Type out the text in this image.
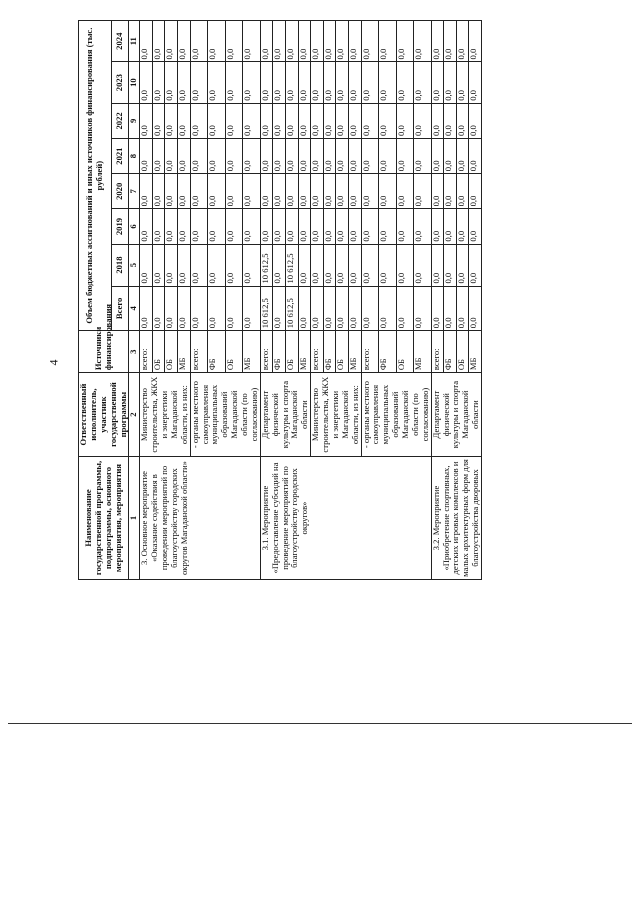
4
Наименование государственной программы, подпрограммы, основного мероприятия, мероприятия	Ответственный исполнитель, участник государственной программы	Источники финансирования	Объем бюджетных ассигнований и иных источников финансирования (тыс. рублей)							
			Всего	2018	2019	2020	2021	2022	2023	2024
1	2	3	4	5	6	7	8	9	10	11
3. Основное мероприятие «Оказание содействия в проведении мероприятий по благоустройству городских округов Магаданской области»	Министерство строительства, ЖКХ и энергетики Магаданской области, из них:	всего:	0,0	0,0	0,0	0,0	0,0	0,0	0,0	0,0
		ОБ	0,0	0,0	0,0	0,0	0,0	0,0	0,0	0,0
		ОБ	0,0	0,0	0,0	0,0	0,0	0,0	0,0	0,0
		МБ	0,0	0,0	0,0	0,0	0,0	0,0	0,0	0,0
	- органы местного самоуправления муниципальных образований Магаданской области (по согласованию)	всего:	0,0	0,0	0,0	0,0	0,0	0,0	0,0	0,0
		ФБ	0,0	0,0	0,0	0,0	0,0	0,0	0,0	0,0
		ОБ	0,0	0,0	0,0	0,0	0,0	0,0	0,0	0,0
		МБ	0,0	0,0	0,0	0,0	0,0	0,0	0,0	0,0
3.1. Мероприятие «Предоставление субсидий на проведение мероприятий по благоустройству городских округов»	Департамент физической культуры и спорта Магаданской области	всего:	10 612,5	10 612,5	0,0	0,0	0,0	0,0	0,0	0,0
		ФБ	0,0	0,0	0,0	0,0	0,0	0,0	0,0	0,0
		ОБ	10 612,5	10 612,5	0,0	0,0	0,0	0,0	0,0	0,0
		МБ	0,0	0,0	0,0	0,0	0,0	0,0	0,0	0,0
	Министерство строительства, ЖКХ и энергетики Магаданской области, из них:	всего:	0,0	0,0	0,0	0,0	0,0	0,0	0,0	0,0
		ФБ	0,0	0,0	0,0	0,0	0,0	0,0	0,0	0,0
		ОБ	0,0	0,0	0,0	0,0	0,0	0,0	0,0	0,0
		МБ	0,0	0,0	0,0	0,0	0,0	0,0	0,0	0,0
	- органы местного самоуправления муниципальных образований Магаданской области (по согласованию)	всего:	0,0	0,0	0,0	0,0	0,0	0,0	0,0	0,0
		ФБ	0,0	0,0	0,0	0,0	0,0	0,0	0,0	0,0
		ОБ	0,0	0,0	0,0	0,0	0,0	0,0	0,0	0,0
		МБ	0,0	0,0	0,0	0,0	0,0	0,0	0,0	0,0
3.2. Мероприятие «Приобретение спортивных, детских игровых комплексов и малых архитектурных форм для благоустройства дворовых	Департамент физической культуры и спорта Магаданской области	всего:	0,0	0,0	0,0	0,0	0,0	0,0	0,0	0,0
		ФБ	0,0	0,0	0,0	0,0	0,0	0,0	0,0	0,0
		ОБ	0,0	0,0	0,0	0,0	0,0	0,0	0,0	0,0
		МБ	0,0	0,0	0,0	0,0	0,0	0,0	0,0	0,0
